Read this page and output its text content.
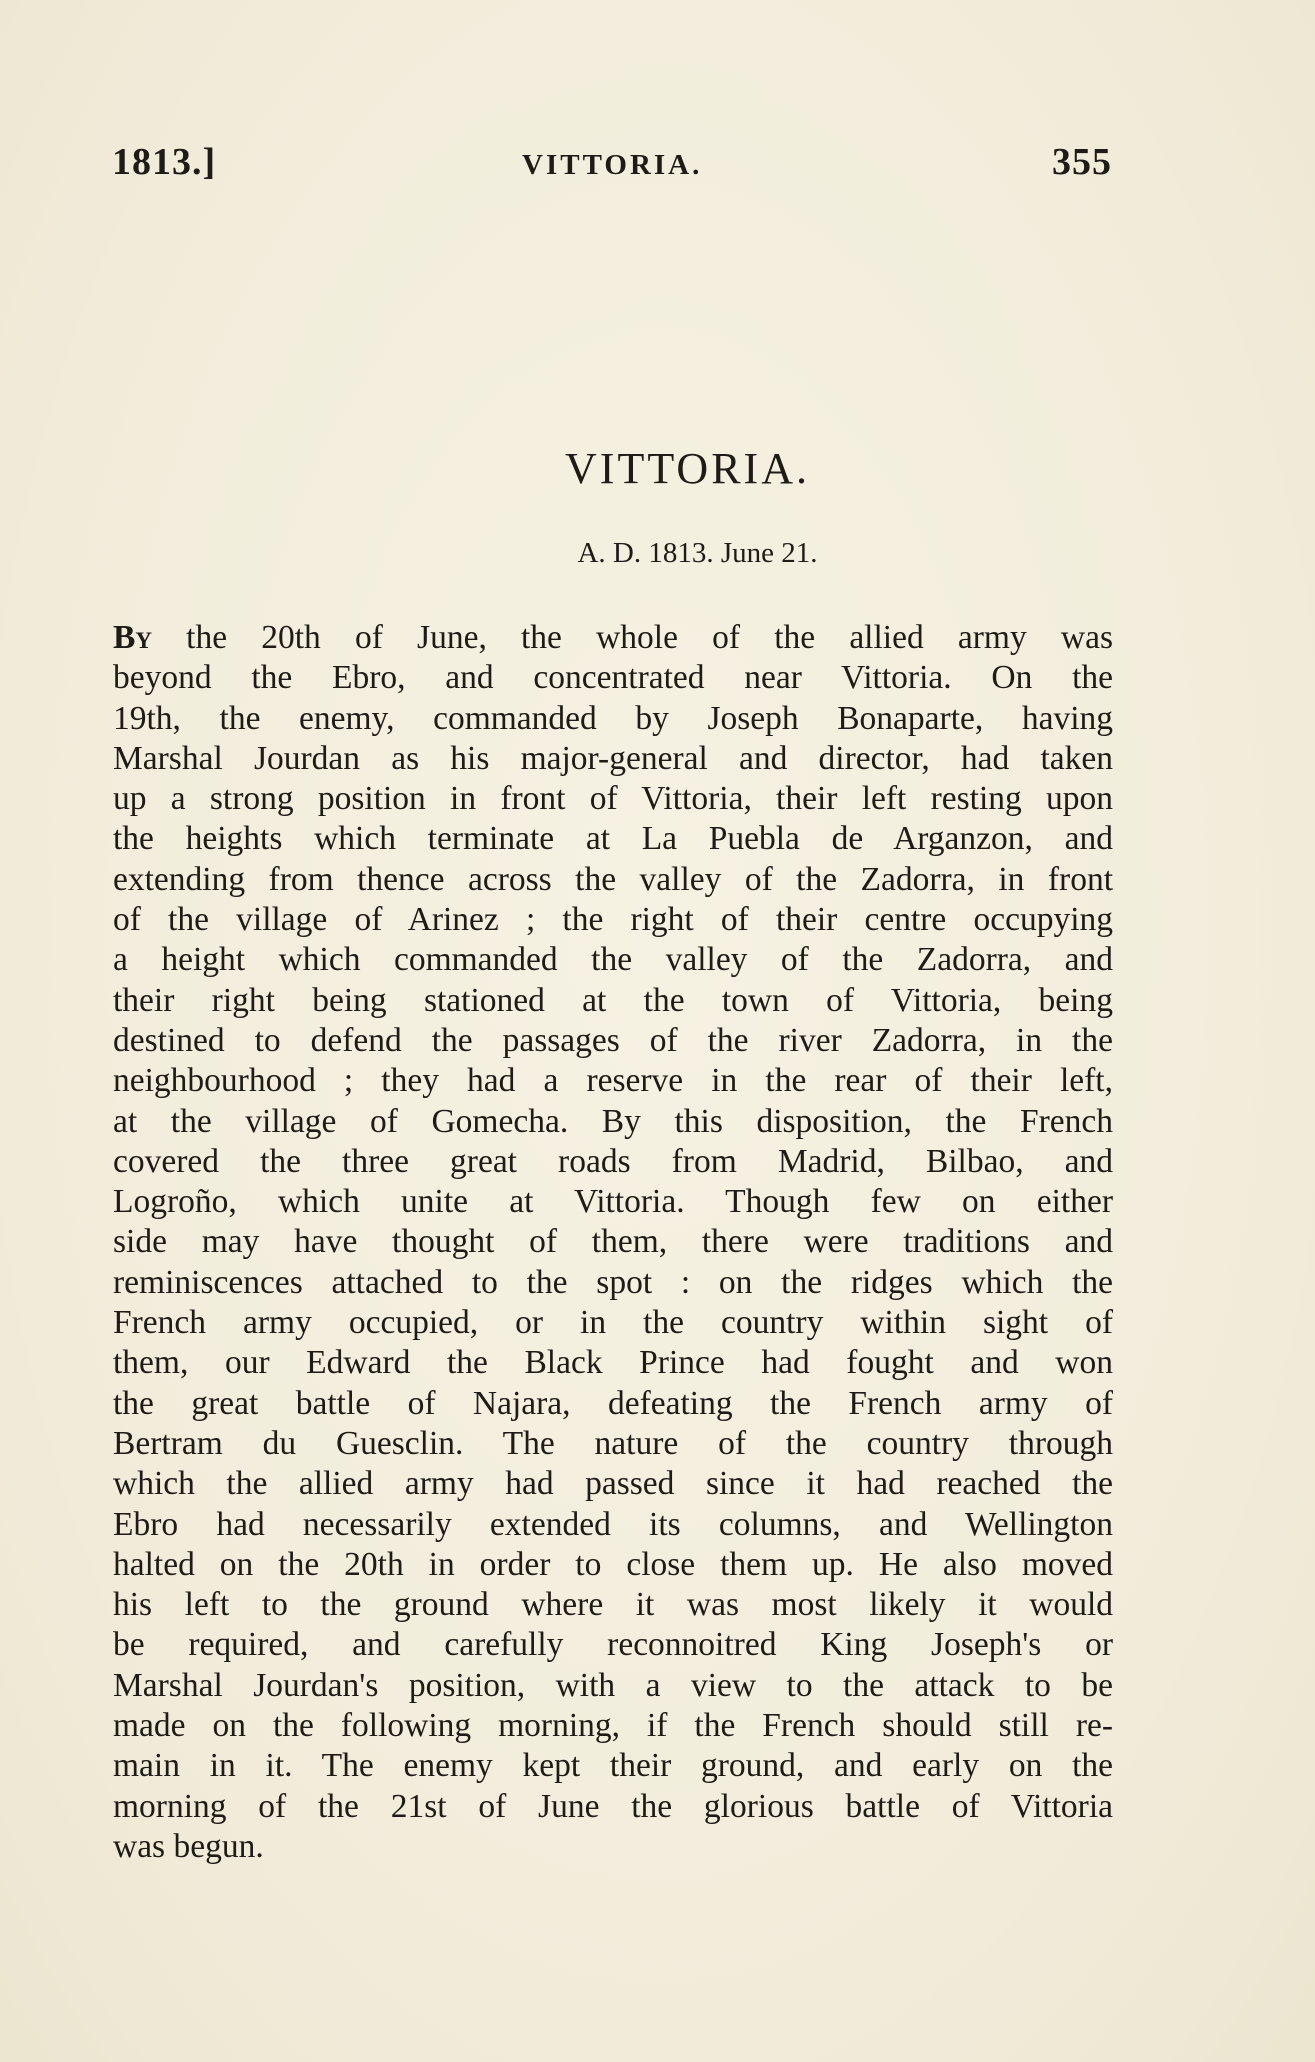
1813.]	VITTORIA.	355
VITTORIA.
A. D. 1813. June 21.
By the 20th of June, the whole of the allied army was
beyond the Ebro, and concentrated near Vittoria. On the
19th, the enemy, commanded by Joseph Bonaparte, having
Marshal Jourdan as his major-general and director, had taken
up a strong position in front of Vittoria, their left resting upon
the heights which terminate at La Puebla de Arganzon, and
extending from thence across the valley of the Zadorra, in front
of the village of Arinez ; the right of their centre occupying
a height which commanded the valley of the Zadorra, and
their right being stationed at the town of Vittoria, being
destined to defend the passages of the river Zadorra, in the
neighbourhood ; they had a reserve in the rear of their left,
at the village of Gomecha. By this disposition, the French
covered the three great roads from Madrid, Bilbao, and
Logroño, which unite at Vittoria. Though few on either
side may have thought of them, there were traditions and
reminiscences attached to the spot : on the ridges which the
French army occupied, or in the country within sight of
them, our Edward the Black Prince had fought and won
the great battle of Najara, defeating the French army of
Bertram du Guesclin. The nature of the country through
which the allied army had passed since it had reached the
Ebro had necessarily extended its columns, and Wellington
halted on the 20th in order to close them up. He also moved
his left to the ground where it was most likely it would
be required, and carefully reconnoitred King Joseph's or
Marshal Jourdan's position, with a view to the attack to be
made on the following morning, if the French should still re-
main in it. The enemy kept their ground, and early on the
morning of the 21st of June the glorious battle of Vittoria
was begun.
